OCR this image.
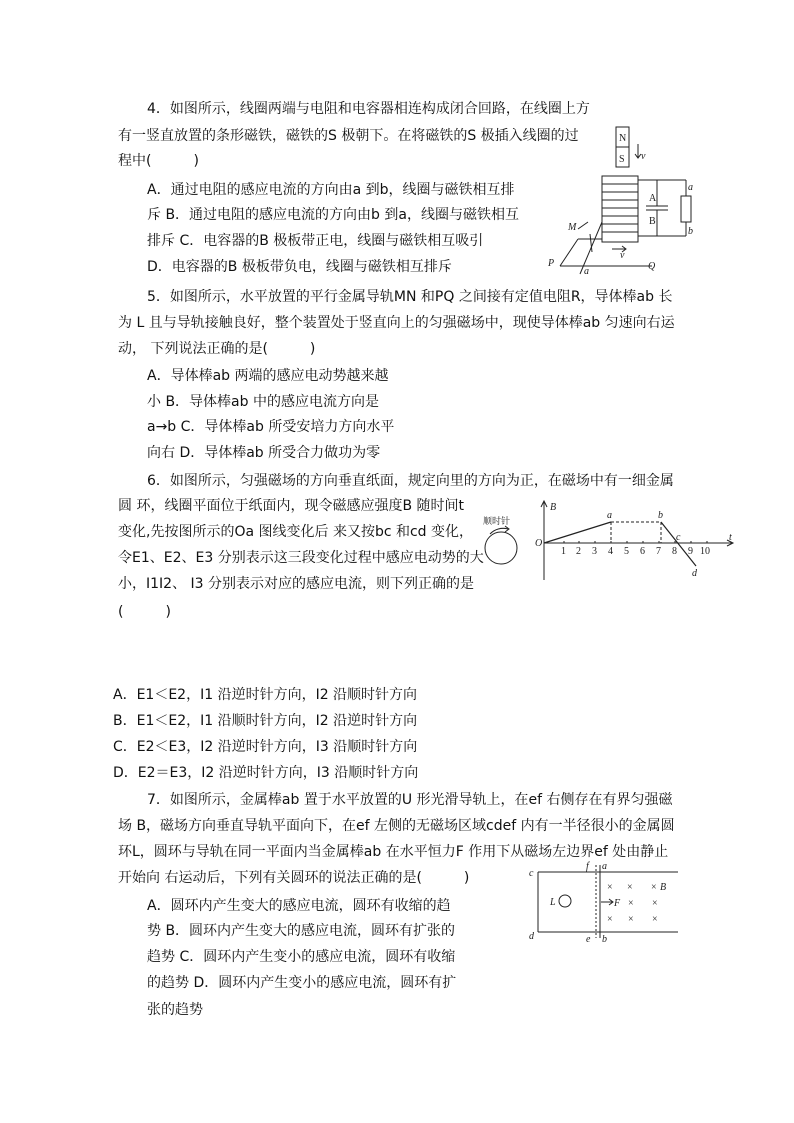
4．如图所示，线圈两端与电阻和电容器相连构成闭合回路，在线圈上方
有一竖直放置的条形磁铁，磁铁的S 极朝下。在将磁铁的S 极插入线圈的过
程中(　　　)
A．通过电阻的感应电流的方向由a 到b，线圈与磁铁相互排
斥 B．通过电阻的感应电流的方向由b 到a，线圈与磁铁相互
排斥 C．电容器的B 极板带正电，线圈与磁铁相互吸引
D．电容器的B 极板带负电，线圈与磁铁相互排斥
N
S v
A
B
a
b
M
P	Q
a
v
5．如图所示，水平放置的平行金属导轨MN 和PQ 之间接有定值电阻R，导体棒ab 长
为 L 且与导轨接触良好，整个装置处于竖直向上的匀强磁场中，现使导体棒ab 匀速向右运
动， 下列说法正确的是(　　　)
A．导体棒ab 两端的感应电动势越来越
小 B．导体棒ab 中的感应电流方向是
a→b C．导体棒ab 所受安培力方向水平
向右 D．导体棒ab 所受合力做功为零
6．如图所示，匀强磁场的方向垂直纸面，规定向里的方向为正，在磁场中有一细金属
圆 环，线圈平面位于纸面内，现令磁感应强度B 随时间t
变化,先按图所示的Oa 图线变化后 来又按bc 和cd 变化，
令E1、E2、E3 分别表示这三段变化过程中感应电动势的大
小，I1I2、 I3 分别表示对应的感应电流，则下列正确的是
(　　　)
顺时针
B
t
O
a	b
c
d
1 2 3 4 5 6 7 8 9 10
A．E1＜E2，I1 沿逆时针方向，I2 沿顺时针方向
B．E1＜E2，I1 沿顺时针方向，I2 沿逆时针方向
C．E2＜E3，I2 沿逆时针方向，I3 沿顺时针方向
D．E2＝E3，I2 沿逆时针方向，I3 沿顺时针方向
7．如图所示，金属棒ab 置于水平放置的U 形光滑导轨上，在ef 右侧存在有界匀强磁
场 B，磁场方向垂直导轨平面向下，在ef 左侧的无磁场区域cdef 内有一半径很小的金属圆
环L，圆环与导轨在同一平面内当金属棒ab 在水平恒力F 作用下从磁场左边界ef 处由静止
开始向 右运动后，下列有关圆环的说法正确的是(　　　)
A．圆环内产生变大的感应电流，圆环有收缩的趋
势 B．圆环内产生变大的感应电流，圆环有扩张的
趋势 C．圆环内产生变小的感应电流，圆环有收缩
的趋势 D．圆环内产生变小的感应电流，圆环有扩
张的趋势
c
d
f
e
a
b
L	F
× × ×
× ×
× × ×
B
